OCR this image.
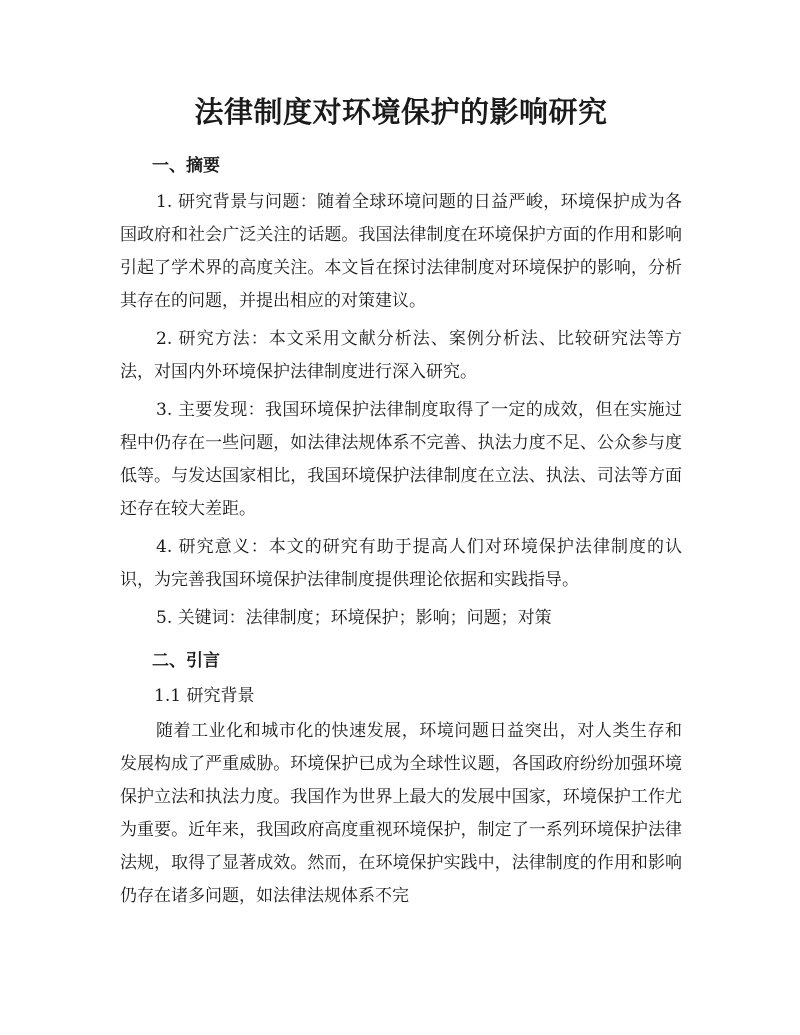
法律制度对环境保护的影响研究
一、摘要

1. 研究背景与问题：随着全球环境问题的日益严峻，环境保护成为各国政府和社会广泛关注的话题。我国法律制度在环境保护方面的作用和影响引起了学术界的高度关注。本文旨在探讨法律制度对环境保护的影响，分析其存在的问题，并提出相应的对策建议。

2. 研究方法：本文采用文献分析法、案例分析法、比较研究法等方法，对国内外环境保护法律制度进行深入研究。

3. 主要发现：我国环境保护法律制度取得了一定的成效，但在实施过程中仍存在一些问题，如法律法规体系不完善、执法力度不足、公众参与度低等。与发达国家相比，我国环境保护法律制度在立法、执法、司法等方面还存在较大差距。

4. 研究意义：本文的研究有助于提高人们对环境保护法律制度的认识，为完善我国环境保护法律制度提供理论依据和实践指导。

5. 关键词：法律制度；环境保护；影响；问题；对策

二、引言
1.1 研究背景

随着工业化和城市化的快速发展，环境问题日益突出，对人类生存和发展构成了严重威胁。环境保护已成为全球性议题，各国政府纷纷加强环境保护立法和执法力度。我国作为世界上最大的发展中国家，环境保护工作尤为重要。近年来，我国政府高度重视环境保护，制定了一系列环境保护法律法规，取得了显著成效。然而，在环境保护实践中，法律制度的作用和影响仍存在诸多问题，如法律法规体系不完
